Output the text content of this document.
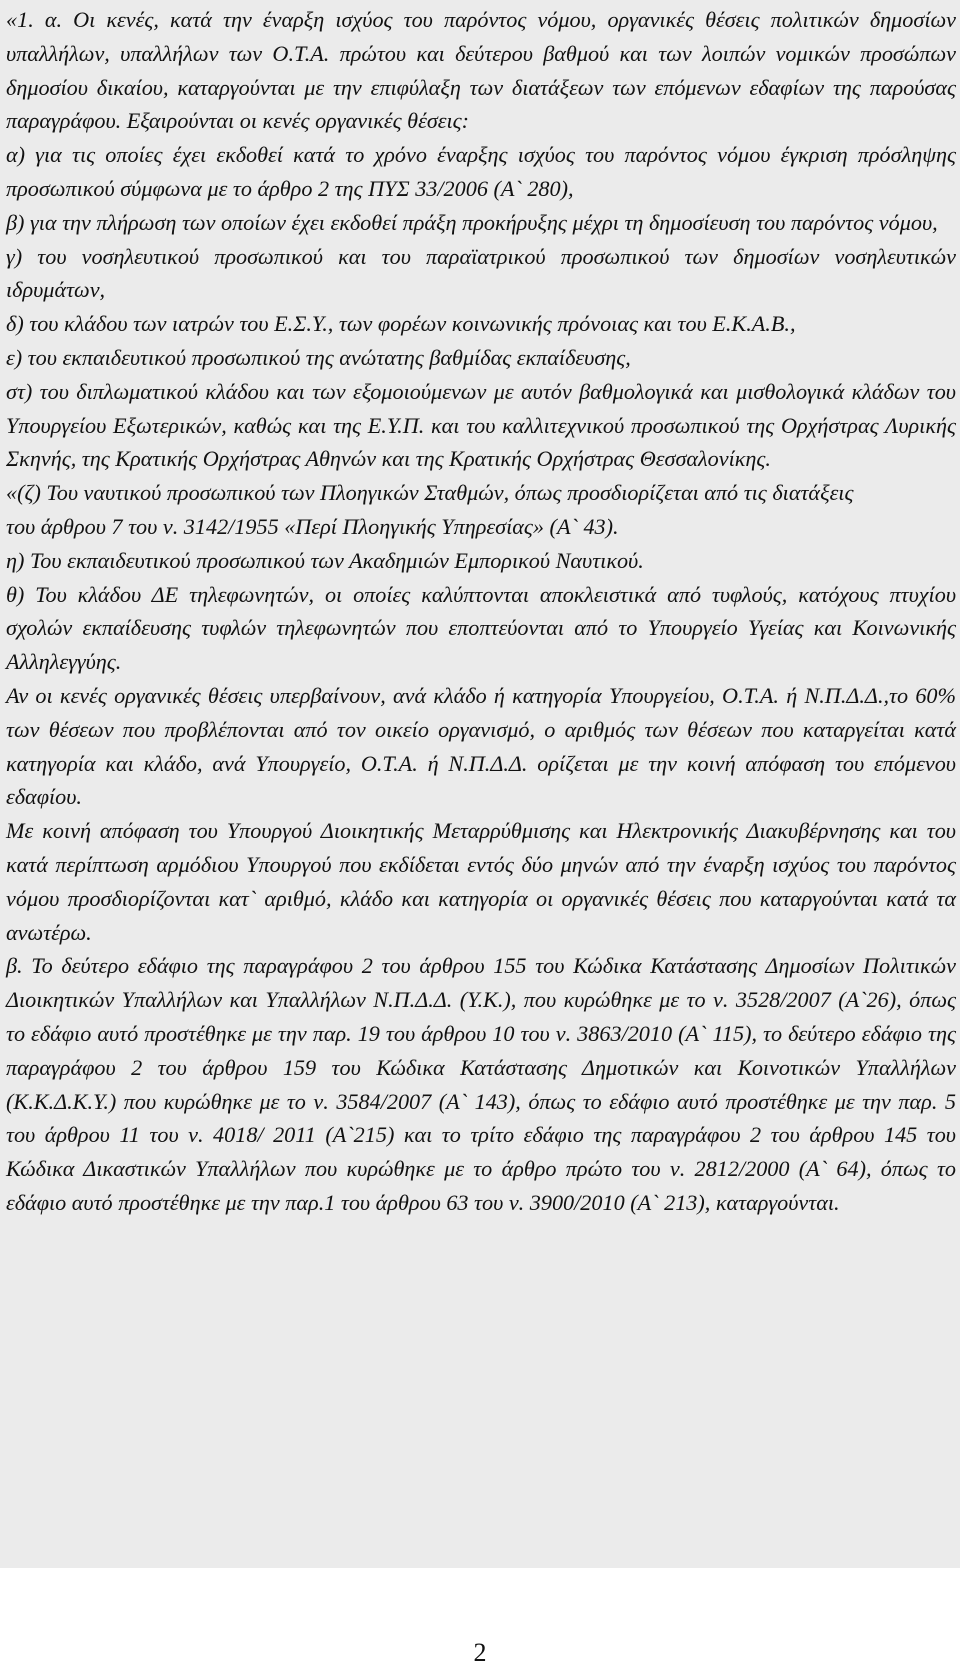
«1. α. Οι κενές, κατά την έναρξη ισχύος του παρόντος νόμου, οργανικές θέσεις πολιτικών δημοσίων υπαλλήλων, υπαλλήλων των Ο.Τ.Α. πρώτου και δεύτερου βαθμού και των λοιπών νομικών προσώπων δημοσίου δικαίου, καταργούνται με την επιφύλαξη των διατάξεων των επόμενων εδαφίων της παρούσας παραγράφου. Εξαιρούνται οι κενές οργανικές θέσεις:

α) για τις οποίες έχει εκδοθεί κατά το χρόνο έναρξης ισχύος του παρόντος νόμου έγκριση πρόσληψης προσωπικού σύμφωνα με το άρθρο 2 της ΠΥΣ 33/2006 (Α` 280),

β) για την πλήρωση των οποίων έχει εκδοθεί πράξη προκήρυξης μέχρι τη δημοσίευση του παρόντος νόμου,

γ) του νοσηλευτικού προσωπικού και του παραϊατρικού προσωπικού των δημοσίων νοσηλευτικών ιδρυμάτων,

δ) του κλάδου των ιατρών του Ε.Σ.Υ., των φορέων κοινωνικής πρόνοιας και του Ε.Κ.Α.Β.,

ε) του εκπαιδευτικού προσωπικού της ανώτατης βαθμίδας εκπαίδευσης,

στ) του διπλωματικού κλάδου και των εξομοιούμενων με αυτόν βαθμολογικά και μισθολογικά κλάδων του Υπουργείου Εξωτερικών, καθώς και της Ε.Υ.Π. και του καλλιτεχνικού προσωπικού της Ορχήστρας Λυρικής Σκηνής, της Κρατικής Ορχήστρας Αθηνών και της Κρατικής Ορχήστρας Θεσσαλονίκης.

«(ζ) Του ναυτικού προσωπικού των Πλοηγικών Σταθμών, όπως προσδιορίζεται από τις διατάξεις

του άρθρου 7 του ν. 3142/1955 «Περί Πλοηγικής Υπηρεσίας» (Α` 43).

η) Του εκπαιδευτικού προσωπικού των Ακαδημιών Εμπορικού Ναυτικού.

θ) Του κλάδου ΔΕ τηλεφωνητών, οι οποίες καλύπτονται αποκλειστικά από τυφλούς, κατόχους πτυχίου σχολών εκπαίδευσης τυφλών τηλεφωνητών που εποπτεύονται από το Υπουργείο Υγείας και Κοινωνικής Αλληλεγγύης.

Αν οι κενές οργανικές θέσεις υπερβαίνουν, ανά κλάδο ή κατηγορία Υπουργείου, Ο.Τ.Α. ή Ν.Π.Δ.Δ.,το 60% των θέσεων που προβλέπονται από τον οικείο οργανισμό, ο αριθμός των θέσεων που καταργείται κατά κατηγορία και κλάδο, ανά Υπουργείο, Ο.Τ.Α. ή Ν.Π.Δ.Δ. ορίζεται με την κοινή απόφαση του επόμενου εδαφίου.

Με κοινή απόφαση του Υπουργού Διοικητικής Μεταρρύθμισης και Ηλεκτρονικής Διακυβέρνησης και του κατά περίπτωση αρμόδιου Υπουργού που εκδίδεται εντός δύο μηνών από την έναρξη ισχύος του παρόντος νόμου προσδιορίζονται κατ` αριθμό, κλάδο και κατηγορία οι οργανικές θέσεις που καταργούνται κατά τα ανωτέρω.

β. Το δεύτερο εδάφιο της παραγράφου 2 του άρθρου 155 του Κώδικα Κατάστασης Δημοσίων Πολιτικών Διοικητικών Υπαλλήλων και Υπαλλήλων Ν.Π.Δ.Δ. (Υ.Κ.), που κυρώθηκε με το ν. 3528/2007 (Α`26), όπως το εδάφιο αυτό προστέθηκε με την παρ. 19 του άρθρου 10 του ν. 3863/2010 (Α` 115), το δεύτερο εδάφιο της παραγράφου 2 του άρθρου 159 του Κώδικα Κατάστασης Δημοτικών και Κοινοτικών Υπαλλήλων (Κ.Κ.Δ.Κ.Υ.) που κυρώθηκε με το ν. 3584/2007 (Α` 143), όπως το εδάφιο αυτό προστέθηκε με την παρ. 5 του άρθρου 11 του ν. 4018/ 2011 (Α`215) και το τρίτο εδάφιο της παραγράφου 2 του άρθρου 145 του Κώδικα Δικαστικών Υπαλλήλων που κυρώθηκε με το άρθρο πρώτο του ν. 2812/2000 (Α` 64), όπως το εδάφιο αυτό προστέθηκε με την παρ.1 του άρθρου 63 του ν. 3900/2010 (Α` 213), καταργούνται.

2
